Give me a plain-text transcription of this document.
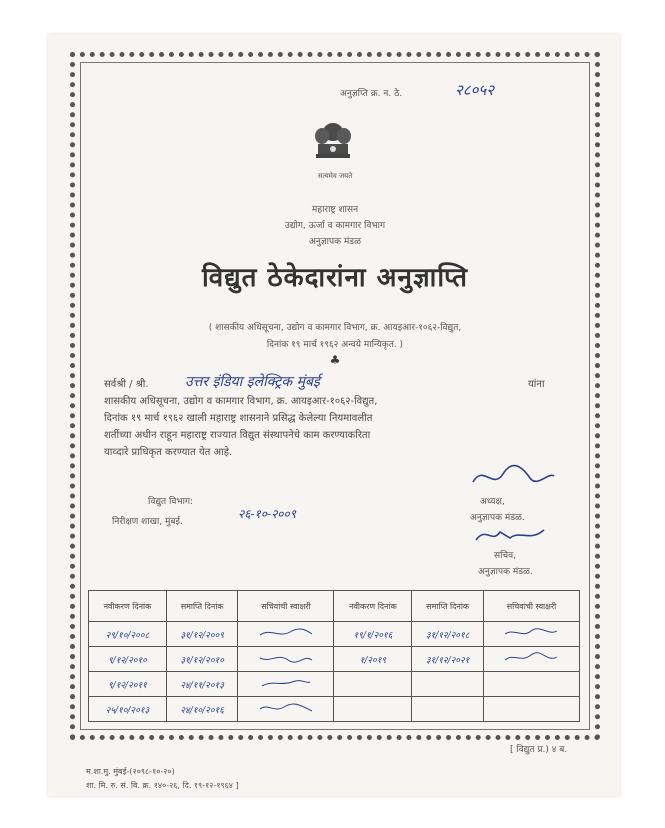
अनुज्ञप्ति क्र. न. ठे.	२८०५२
सत्यमेव जयते
महाराष्ट्र शासन
उद्योग, ऊर्जा व कामगार विभाग
अनुज्ञापक मंडळ
विद्युत ठेकेदारांना अनुज्ञाप्ति
( शासकीय अधिसूचना, उद्योग व कामगार विभाग, क्र. आयइआर-१०६२-विद्युत,
दिनांक १९ मार्च १९६२ अन्वये मान्यिकृत. )
♣
सर्वश्री / श्री.	उत्तर इंडिया इलेक्ट्रिक मुंबई	यांना
शासकीय अधिसूचना, उद्योग व कामगार विभाग, क्र. आयइआर-१०६२-विद्युत,
दिनांक १९ मार्च १९६२ खाली महाराष्ट्र शासनाने प्रसिद्ध केलेल्या नियमावलीत
शर्तीच्या अधीन राहून महाराष्ट्र राज्यात विद्युत संस्थापनेचे काम करण्याकरिता
याव्दारे प्राधिकृत करण्यात येत आहे.
अध्यक्ष,
अनुज्ञापक मंडळ.
विद्युत विभाग:
निरीक्षण शाखा, मुंबई.
२६-१०-२००९
सचिव,
अनुज्ञापक मंडळ.
नवीकरण दिनांक	समाप्ति दिनांक	सचिवांची स्वाक्षरी	नवीकरण दिनांक	समाप्ति दिनांक	सचिवांची स्वाक्षरी
२९/१०/२००८	३१/१२/२००९		१९/१/२०१६	३१/१२/२०१८	
९/१२/२०१०	३१/१२/२०१०		१/२०१९	३१/१२/२०२१	
९/१२/२०११	२४/११/२०१३				
२५/१०/२०१३	२४/१०/२०१६				
[ विद्युत प्र.) ४ ब.
म.शा.मु. मुंबई-(२०९८-१०-२०)
शा. मि. रु. सं. वि. क्र. १४०-२६, दि. १९-१२-१९६४ ]
